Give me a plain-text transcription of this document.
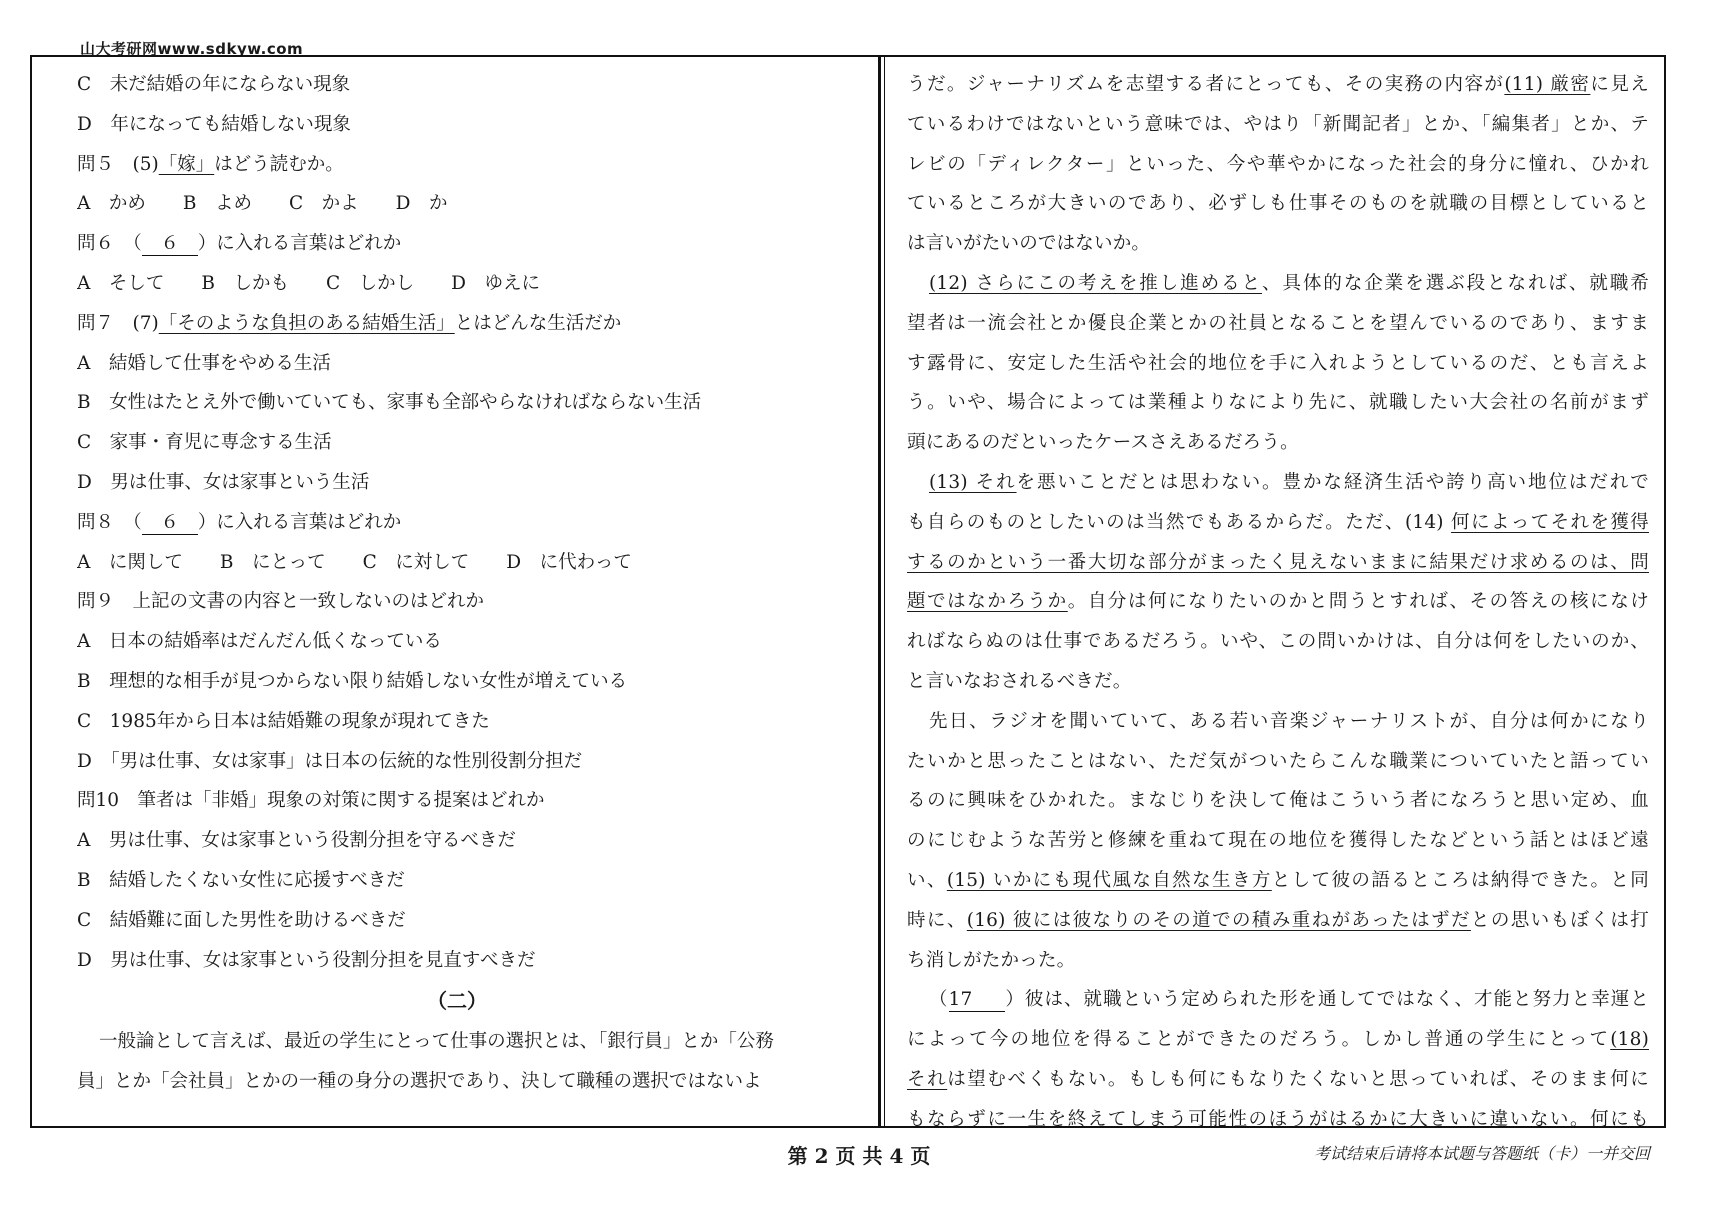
山大考研网www.sdkyw.com
C　未だ結婚の年にならない現象
D　年になっても結婚しない現象
問５　(5)「嫁」はどう読むか。
A　かめ　　B　よめ　　C　かよ　　D　か
問６　（ ６ ）に入れる言葉はどれか
A　そして　　B　しかも　　C　しかし　　D　ゆえに
問７　(7)「そのような負担のある結婚生活」とはどんな生活だか
A　結婚して仕事をやめる生活
B　女性はたとえ外で働いていても、家事も全部やらなければならない生活
C　家事・育児に専念する生活
D　男は仕事、女は家事という生活
問８　（ ６ ）に入れる言葉はどれか
A　に関して　　B　にとって　　C　に対して　　D　に代わって
問９　上記の文書の内容と一致しないのはどれか
A　日本の結婚率はだんだん低くなっている
B　理想的な相手が見つからない限り結婚しない女性が増えている
C　1985年から日本は結婚難の現象が現れてきた
D　「男は仕事、女は家事」は日本の伝統的な性別役割分担だ
問10　筆者は「非婚」現象の対策に関する提案はどれか
A　男は仕事、女は家事という役割分担を守るべきだ
B　結婚したくない女性に応援すべきだ
C　結婚難に面した男性を助けるべきだ
D　男は仕事、女は家事という役割分担を見直すべきだ
（二）
一般論として言えば、最近の学生にとって仕事の選択とは、「銀行員」とか「公務
員」とか「会社員」とかの一種の身分の選択であり、決して職種の選択ではないよ
うだ。ジャーナリズムを志望する者にとっても、その実務の内容が(11) 厳密に見え
ているわけではないという意味では、やはり「新聞記者」とか、「編集者」とか、テ
レビの「ディレクター」といった、今や華やかになった社会的身分に憧れ、ひかれ
ているところが大きいのであり、必ずしも仕事そのものを就職の目標としていると
は言いがたいのではないか。
(12) さらにこの考えを推し進めると、具体的な企業を選ぶ段となれば、就職希
望者は一流会社とか優良企業とかの社員となることを望んでいるのであり、ますま
す露骨に、安定した生活や社会的地位を手に入れようとしているのだ、とも言えよ
う。いや、場合によっては業種よりなにより先に、就職したい大会社の名前がまず
頭にあるのだといったケースさえあるだろう。
(13) それを悪いことだとは思わない。豊かな経済生活や誇り高い地位はだれで
も自らのものとしたいのは当然でもあるからだ。ただ、(14) 何によってそれを獲得
するのかという一番大切な部分がまったく見えないままに結果だけ求めるのは、問
題ではなかろうか。自分は何になりたいのかと問うとすれば、その答えの核になけ
ればならぬのは仕事であるだろう。いや、この問いかけは、自分は何をしたいのか、
と言いなおされるべきだ。
先日、ラジオを聞いていて、ある若い音楽ジャーナリストが、自分は何かになり
たいかと思ったことはない、ただ気がついたらこんな職業についていたと語ってい
るのに興味をひかれた。まなじりを決して俺はこういう者になろうと思い定め、血
のにじむような苦労と修練を重ねて現在の地位を獲得したなどという話とはほど遠
い、(15) いかにも現代風な自然な生き方として彼の語るところは納得できた。と同
時に、(16) 彼には彼なりのその道での積み重ねがあったはずだとの思いもぼくは打
ち消しがたかった。
（17 ）彼は、就職という定められた形を通してではなく、才能と努力と幸運と
によって今の地位を得ることができたのだろう。しかし普通の学生にとって(18)
それは望むべくもない。もしも何にもなりたくないと思っていれば、そのまま何に
もならずに一生を終えてしまう可能性のほうがはるかに大きいに違いない。何にも
第 2 页 共 4 页	考试结束后请将本试题与答题纸（卡）一并交回
